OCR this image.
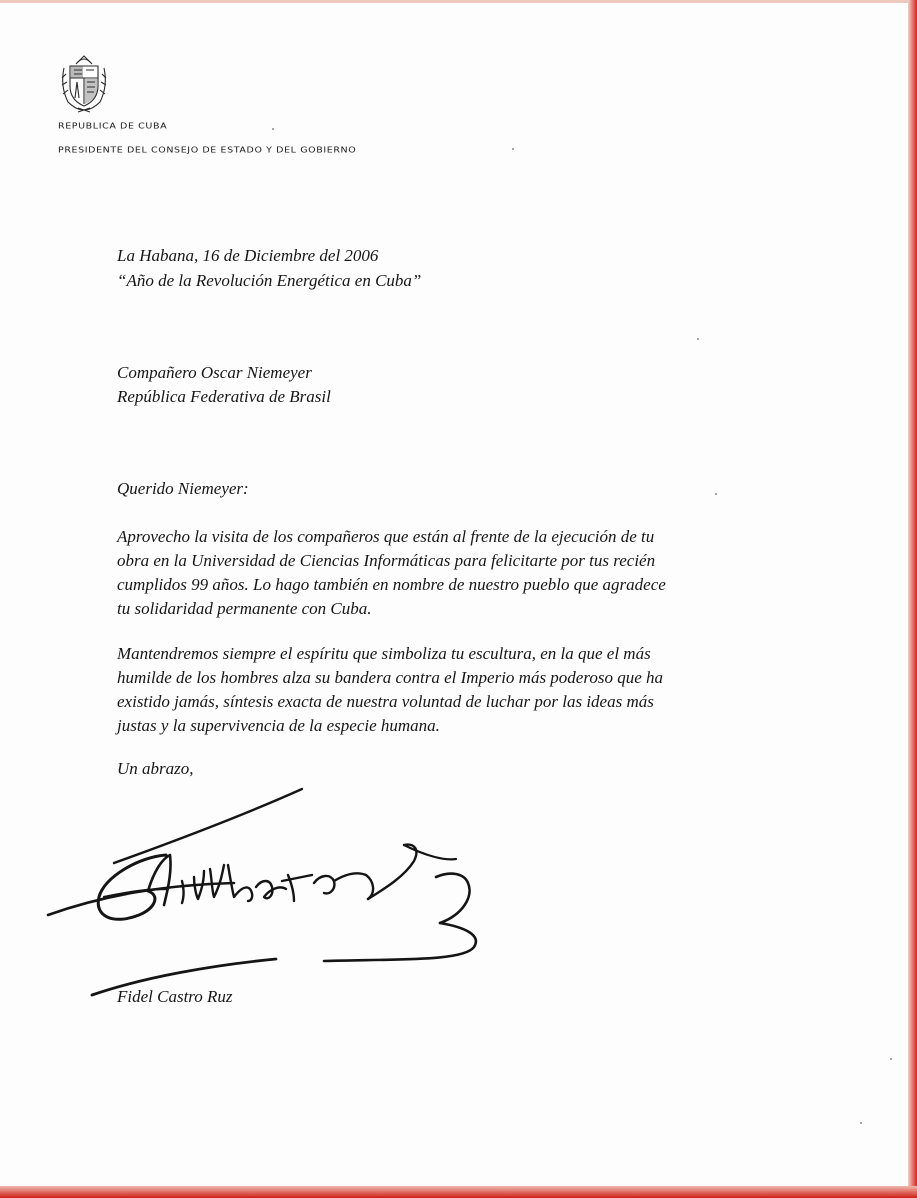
REPUBLICA DE CUBA
PRESIDENTE DEL CONSEJO DE ESTADO Y DEL GOBIERNO
La Habana, 16 de Diciembre del 2006
“Año de la Revolución Energética en Cuba”
Compañero Oscar Niemeyer
República Federativa de Brasil
Querido Niemeyer:
Aprovecho la visita de los compañeros que están al frente de la ejecución de tu
obra en la Universidad de Ciencias Informáticas para felicitarte por tus recién
cumplidos 99 años. Lo hago también en nombre de nuestro pueblo que agradece
tu solidaridad permanente con Cuba.
Mantendremos siempre el espíritu que simboliza tu escultura, en la que el más
humilde de los hombres alza su bandera contra el Imperio más poderoso que ha
existido jamás, síntesis exacta de nuestra voluntad de luchar por las ideas más
justas y la supervivencia de la especie humana.
Un abrazo,
Fidel Castro Ruz
